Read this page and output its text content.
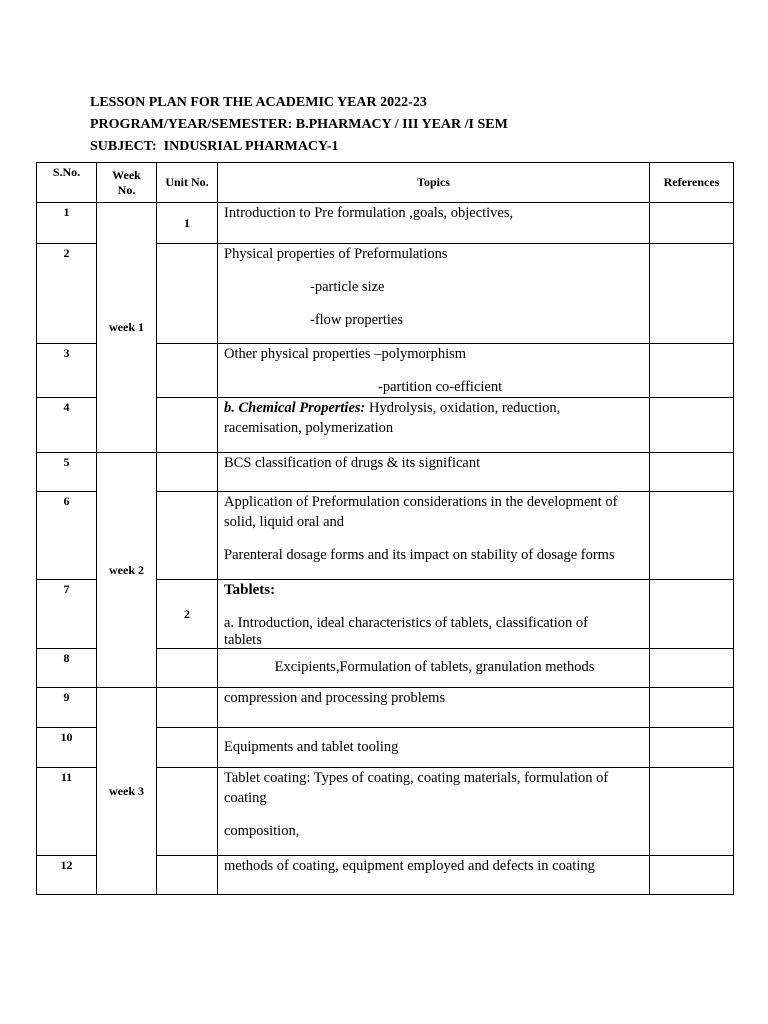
LESSON PLAN FOR THE ACADEMIC YEAR 2022-23
PROGRAM/YEAR/SEMESTER: B.PHARMACY / III YEAR /I SEM
SUBJECT:  INDUSRIAL PHARMACY-1
S.No.	Week No.	Unit No.	Topics	References
1	week 1	1	Introduction to Pre formulation ,goals, objectives,	

2			Physical properties of Preformulations
-particle size
-flow properties	

3			Other physical properties –polymorphism
-partition co-efficient	

4			b. Chemical Properties: Hydrolysis, oxidation, reduction,
racemisation, polymerization	

5	week 2		BCS classification of drugs & its significant	

6			Application of Preformulation considerations in the development of
solid, liquid oral and
Parenteral dosage forms and its impact on stability of dosage forms	

7		2	Tablets:
a. Introduction, ideal characteristics of tablets, classification of
tablets	

8			Excipients,Formulation of tablets, granulation methods	

9	week 3		compression and processing problems	

10			Equipments and tablet tooling	

11			Tablet coating: Types of coating, coating materials, formulation of
coating
composition,	

12			methods of coating, equipment employed and defects in coating	
